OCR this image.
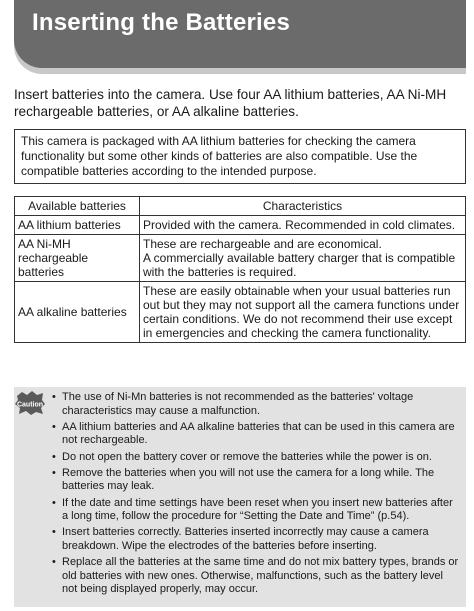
Inserting the Batteries

Insert batteries into the camera. Use four AA lithium batteries, AA Ni-MH rechargeable batteries, or AA alkaline batteries.

This camera is packaged with AA lithium batteries for checking the camera functionality but some other kinds of batteries are also compatible. Use the compatible batteries according to the intended purpose.

Available batteries	Characteristics
AA lithium batteries	Provided with the camera. Recommended in cold climates.

AA Ni-MH rechargeable batteries	These are rechargeable and are economical.
A commercially available battery charger that is compatible with the batteries is required.

AA alkaline batteries	These are easily obtainable when your usual batteries run out but they may not support all the camera functions under certain conditions. We do not recommend their use except in emergencies and checking the camera functionality.
Caution
• The use of Ni-Mn batteries is not recommended as the batteries' voltage characteristics may cause a malfunction.
• AA lithium batteries and AA alkaline batteries that can be used in this camera are not rechargeable.
• Do not open the battery cover or remove the batteries while the power is on.
• Remove the batteries when you will not use the camera for a long while. The batteries may leak.
• If the date and time settings have been reset when you insert new batteries after a long time, follow the procedure for “Setting the Date and Time” (p.54).
• Insert batteries correctly. Batteries inserted incorrectly may cause a camera breakdown. Wipe the electrodes of the batteries before inserting.
• Replace all the batteries at the same time and do not mix battery types, brands or old batteries with new ones. Otherwise, malfunctions, such as the battery level not being displayed properly, may occur.
